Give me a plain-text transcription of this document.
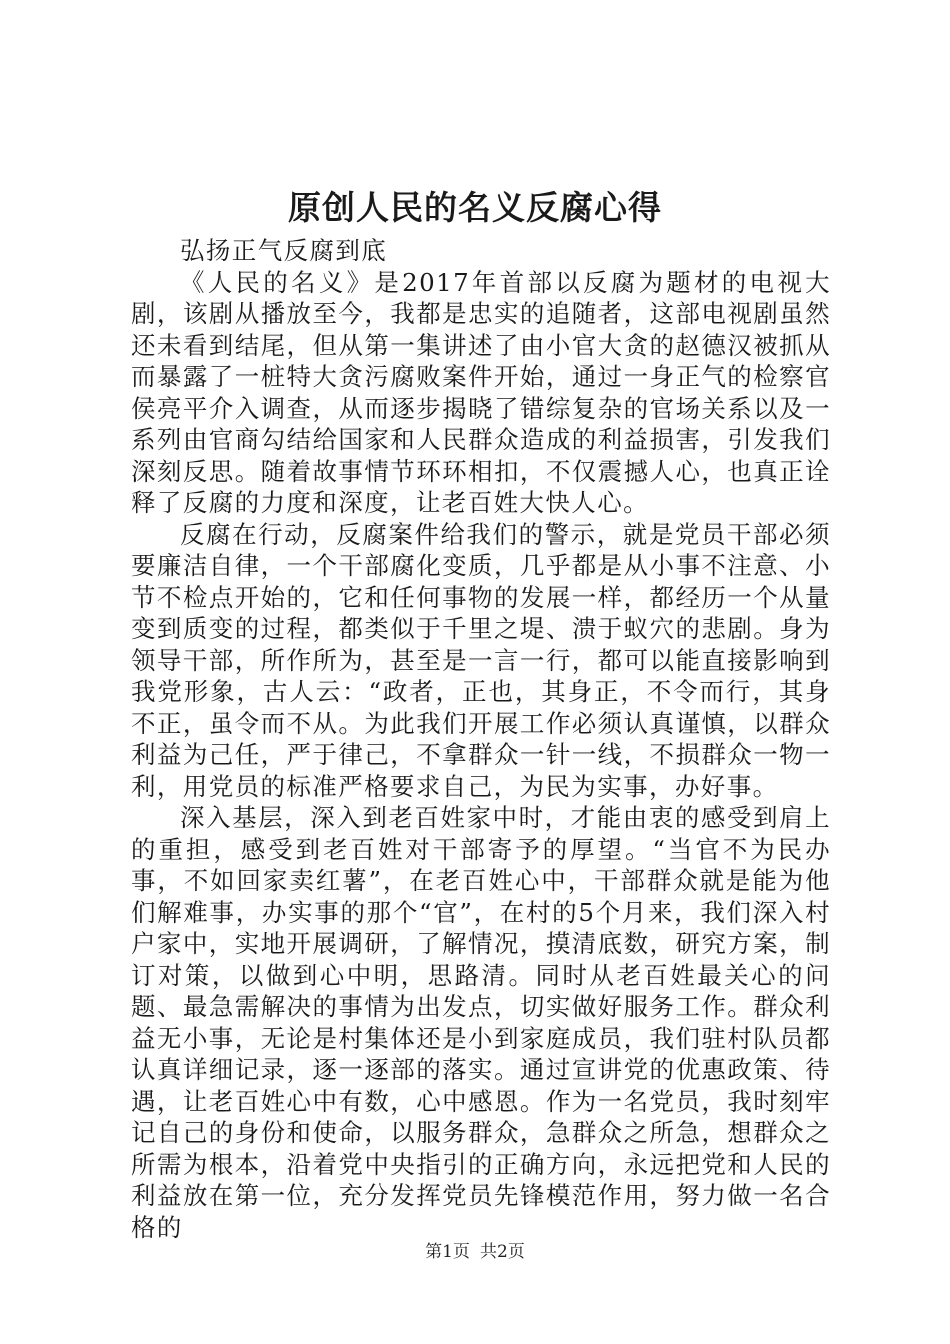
原创人民的名义反腐心得

弘扬正气反腐到底

《人民的名义》是2017年首部以反腐为题材的电视大剧，该剧从播放至今，我都是忠实的追随者，这部电视剧虽然还未看到结尾，但从第一集讲述了由小官大贪的赵德汉被抓从而暴露了一桩特大贪污腐败案件开始，通过一身正气的检察官侯亮平介入调查，从而逐步揭晓了错综复杂的官场关系以及一系列由官商勾结给国家和人民群众造成的利益损害，引发我们深刻反思。随着故事情节环环相扣，不仅震撼人心，也真正诠释了反腐的力度和深度，让老百姓大快人心。

反腐在行动，反腐案件给我们的警示，就是党员干部必须要廉洁自律，一个干部腐化变质，几乎都是从小事不注意、小节不检点开始的，它和任何事物的发展一样，都经历一个从量变到质变的过程，都类似于千里之堤、溃于蚁穴的悲剧。身为领导干部，所作所为，甚至是一言一行，都可以能直接影响到我党形象，古人云：“政者，正也，其身正，不令而行，其身不正，虽令而不从。为此我们开展工作必须认真谨慎，以群众利益为己任，严于律己，不拿群众一针一线，不损群众一物一利，用党员的标准严格要求自己，为民为实事，办好事。

深入基层，深入到老百姓家中时，才能由衷的感受到肩上的重担，感受到老百姓对干部寄予的厚望。“当官不为民办事，不如回家卖红薯”，在老百姓心中，干部群众就是能为他们解难事，办实事的那个“官”，在村的5个月来，我们深入村户家中，实地开展调研，了解情况，摸清底数，研究方案，制订对策，以做到心中明，思路清。同时从老百姓最关心的问题、最急需解决的事情为出发点，切实做好服务工作。群众利益无小事，无论是村集体还是小到家庭成员，我们驻村队员都认真详细记录，逐一逐部的落实。通过宣讲党的优惠政策、待遇，让老百姓心中有数，心中感恩。作为一名党员，我时刻牢记自己的身份和使命，以服务群众，急群众之所急，想群众之所需为根本，沿着党中央指引的正确方向，永远把党和人民的利益放在第一位，充分发挥党员先锋模范作用，努力做一名合格的

第1页 共2页
